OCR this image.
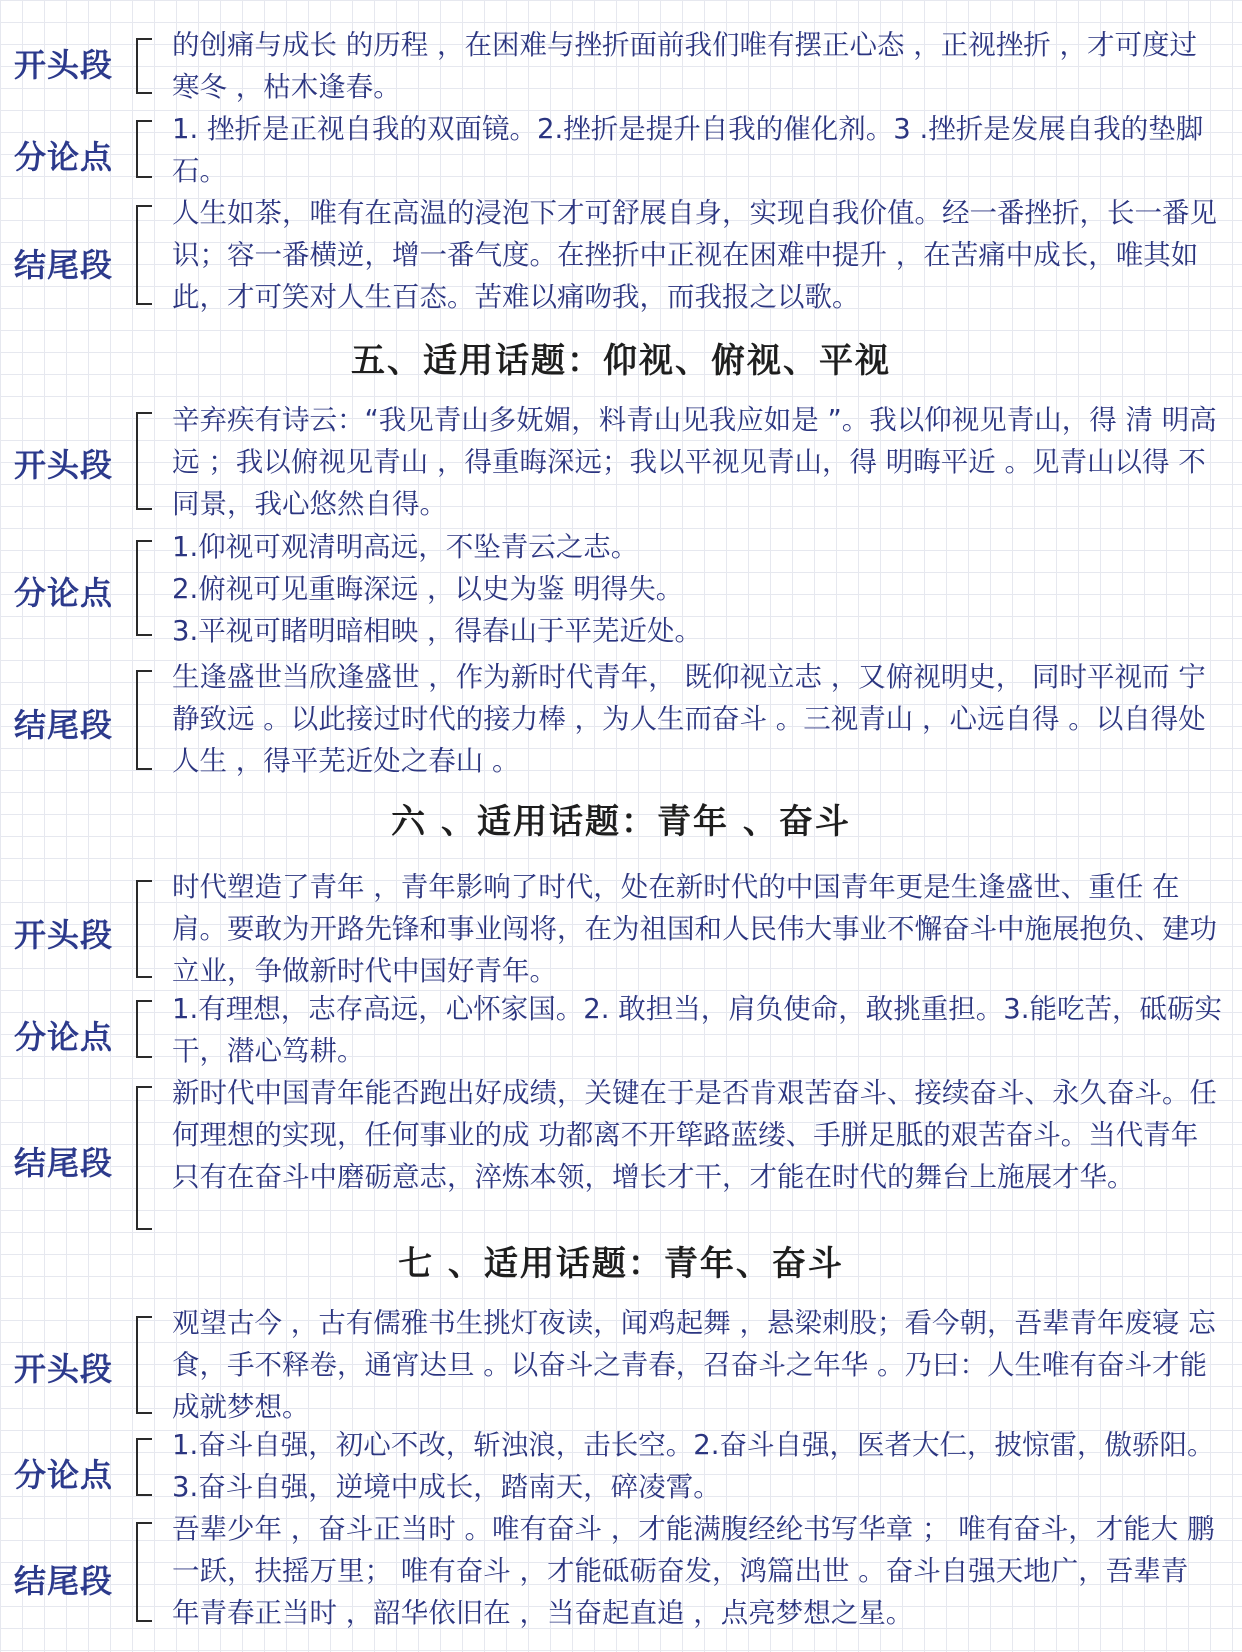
开头段
的创痛与成长 的历程 ，在困难与挫折面前我们唯有摆正心态 ，正视挫折 ，才可度过寒冬 ，枯木逢春。
分论点
1. 挫折是正视自我的双面镜。2.挫折是提升自我的催化剂。3 .挫折是发展自我的垫脚石。
结尾段
人生如茶，唯有在高温的浸泡下才可舒展自身，实现自我价值。经一番挫折，长一番见识；容一番横逆，增一番气度。在挫折中正视在困难中提升 ，在苦痛中成长，唯其如此，才可笑对人生百态。苦难以痛吻我，而我报之以歌。
五、适用话题：仰视、俯视、平视
开头段
辛弃疾有诗云：“我见青山多妩媚，料青山见我应如是 ”。我以仰视见青山，得 清 明高远 ；我以俯视见青山 ，得重晦深远；我以平视见青山，得 明晦平近 。见青山以得 不同景，我心悠然自得。
分论点
1.仰视可观清明高远，不坠青云之志。
2.俯视可见重晦深远 ，以史为鉴 明得失。
3.平视可睹明暗相映 ，得春山于平芜近处。
结尾段
生逢盛世当欣逢盛世 ，作为新时代青年， 既仰视立志 ，又俯视明史， 同时平视而 宁静致远 。以此接过时代的接力棒 ，为人生而奋斗 。三视青山 ，心远自得 。以自得处 人生 ，得平芜近处之春山 。
六 、适用话题：青年 、奋斗
开头段
时代塑造了青年 ，青年影响了时代，处在新时代的中国青年更是生逢盛世、重任 在肩。要敢为开路先锋和事业闯将，在为祖国和人民伟大事业不懈奋斗中施展抱负、建功立业，争做新时代中国好青年。
分论点
1.有理想，志存高远，心怀家国。2. 敢担当，肩负使命，敢挑重担。3.能吃苦，砥砺实干，潜心笃耕。
结尾段
新时代中国青年能否跑出好成绩，关键在于是否肯艰苦奋斗、接续奋斗、永久奋斗。任何理想的实现，任何事业的成 功都离不开筚路蓝缕、手胼足胝的艰苦奋斗。当代青年只有在奋斗中磨砺意志，淬炼本领，增长才干，才能在时代的舞台上施展才华。
七 、适用话题：青年、奋斗
开头段
观望古今 ，古有儒雅书生挑灯夜读，闻鸡起舞 ，悬梁刺股；看今朝，吾辈青年废寝 忘食，手不释卷，通宵达旦 。以奋斗之青春，召奋斗之年华 。乃曰：人生唯有奋斗才能 成就梦想。
分论点
1.奋斗自强，初心不改，斩浊浪，击长空。2.奋斗自强，医者大仁，披惊雷，傲骄阳。3.奋斗自强，逆境中成长，踏南天，碎凌霄。
结尾段
吾辈少年 ，奋斗正当时 。唯有奋斗 ，才能满腹经纶书写华章 ； 唯有奋斗，才能大 鹏 一跃，扶摇万里； 唯有奋斗 ，才能砥砺奋发，鸿篇出世 。奋斗自强天地广，吾辈青 年青春正当时 ，韶华依旧在 ，当奋起直追 ，点亮梦想之星。
